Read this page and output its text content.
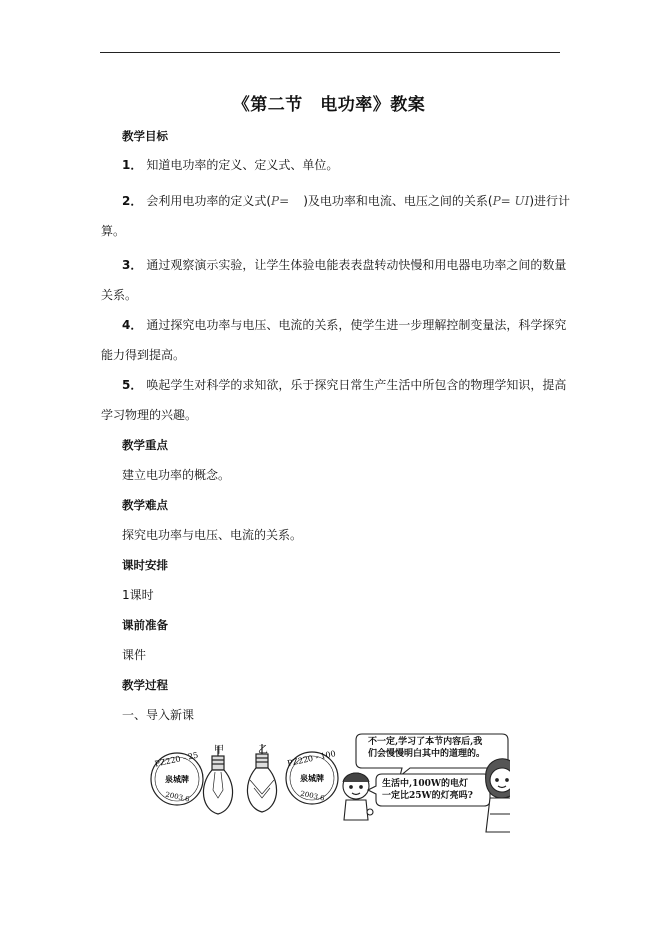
《第二节　电功率》教案
教学目标
1． 知道电功率的定义、定义式、单位。
2． 会利用电功率的定义式(P= )及电功率和电流、电压之间的关系(P= UI)进行计
算。
3． 通过观察演示实验，让学生体验电能表表盘转动快慢和用电器电功率之间的数量
关系。
4． 通过探究电功率与电压、电流的关系，使学生进一步理解控制变量法，科学探究
能力得到提高。
5． 唤起学生对科学的求知欲，乐于探究日常生产生活中所包含的物理学知识，提高
学习物理的兴趣。
教学重点
建立电功率的概念。
教学难点
探究电功率与电压、电流的关系。
课时安排
1课时
课前准备
课件
教学过程
一、导入新课
PZ220 - 25
泉城牌
2003.6
PZ220 - 100
泉城牌
2003.6
甲	乙
不一定,学习了本节内容后,我
们会慢慢明白其中的道理的。
生活中,100W的电灯
一定比25W的灯亮吗?
